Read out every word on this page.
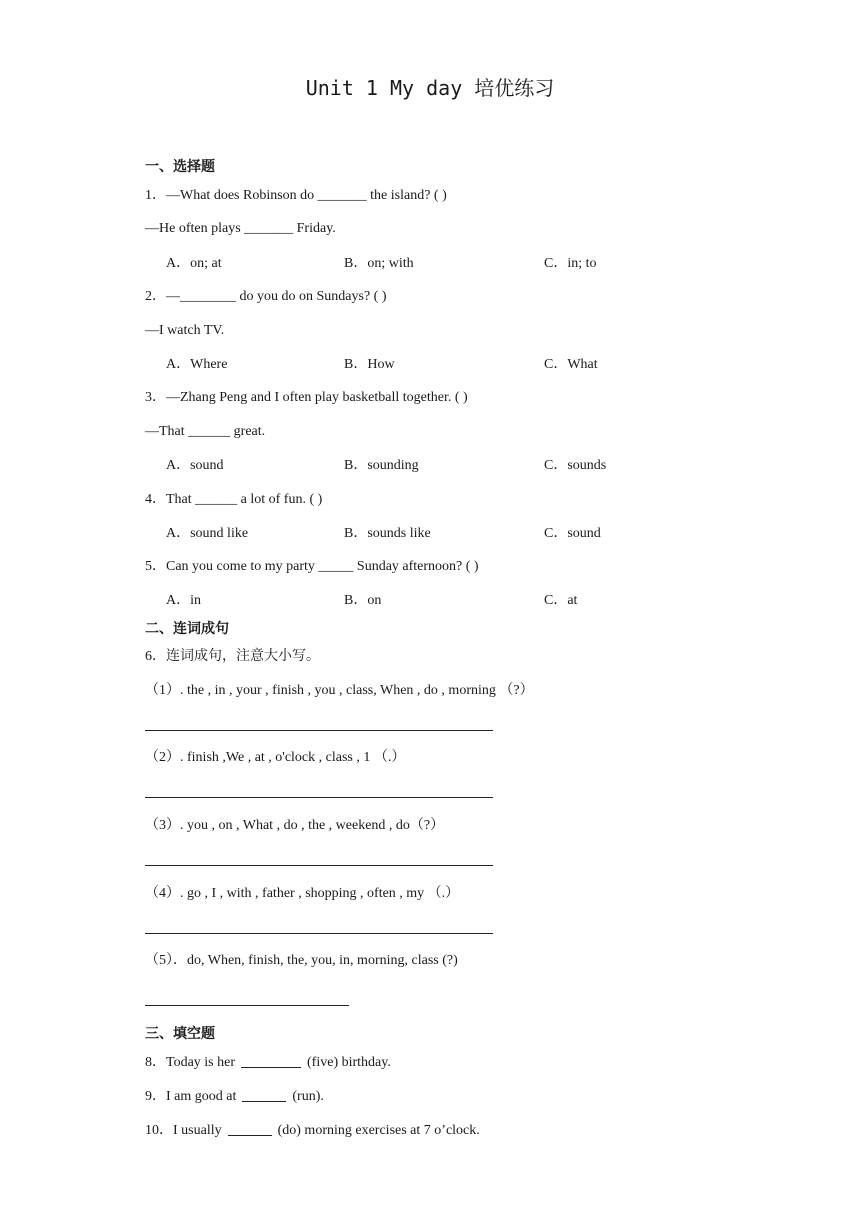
Unit 1 My day 培优练习
一、选择题
1．—What does Robinson do _______ the island? ( )
—He often plays _______ Friday.
A．on; at	B．on; with	C．in; to
2．—________ do you do on Sundays? ( )
—I watch TV.
A．Where	B．How	C．What
3．—Zhang Peng and I often play basketball together. ( )
—That ______ great.
A．sound	B．sounding	C．sounds
4．That ______ a lot of fun. ( )
A．sound like	B．sounds like	C．sound
5．Can you come to my party _____ Sunday afternoon? ( )
A．in	B．on	C．at
二、连词成句
6．连词成句，注意大小写。
（1）. the , in , your , finish , you , class, When , do , morning （?）
（2）. finish ,We , at , o'clock , class , 1 （.）
（3）. you , on , What , do , the , weekend , do（?）
（4）. go , I , with , father , shopping , often , my （.）
（5）．do, When, finish, the, you, in, morning, class (?)
三、填空题
8．Today is her	(five) birthday.
9．I am good at	(run).
10．I usually	(do) morning exercises at 7 o’clock.
